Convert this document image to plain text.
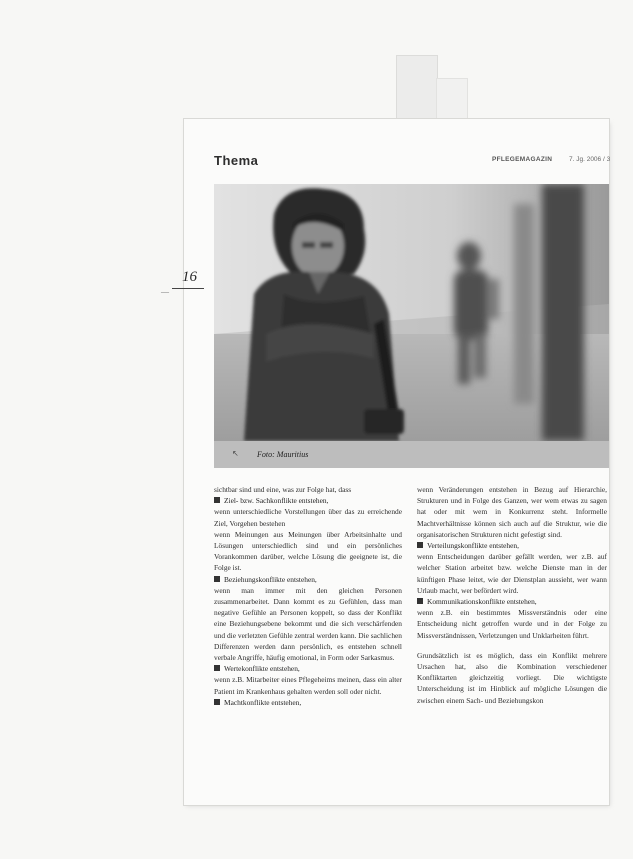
—
16
Thema	PFLEGEMAGAZIN	7. Jg. 2006 / 3
↖ Foto: Mauritius

sichtbar sind und eine, was zur Folge hat, dass

Ziel- bzw. Sachkonflikte entstehen,

wenn unterschiedliche Vorstellungen über das zu erreichende Ziel, Vorgehen bestehen

wenn Meinungen aus Meinungen über Arbeitsinhalte und Lösungen unterschiedlich sind und ein persönliches Vorankommen darüber, welche Lösung die geeignete ist, die Folge ist.

Beziehungskonflikte entstehen,

wenn man immer mit den gleichen Personen zusammenarbeitet. Dann kommt es zu Gefühlen, dass man negative Gefühle an Personen koppelt, so dass der Konflikt eine Beziehungsebene bekommt und die sich verschärfenden und die verletzten Gefühle zentral werden kann. Die sachlichen Differenzen werden dann persönlich, es entstehen schnell verbale Angriffe, häufig emotional, in Form oder Sarkasmus.

Wertekonflikte entstehen,

wenn z.B. Mitarbeiter eines Pflegeheims meinen, dass ein alter Patient im Krankenhaus gehalten werden soll oder nicht.

Machtkonflikte entstehen,

wenn Veränderungen entstehen in Bezug auf Hierarchie, Strukturen und in Folge des Ganzen, wer wem etwas zu sagen hat oder mit wem in Konkurrenz steht. Informelle Machtverhältnisse können sich auch auf die Struktur, wie die organisatorischen Strukturen nicht gefestigt sind.

Verteilungskonflikte entstehen,

wenn Entscheidungen darüber gefällt werden, wer z.B. auf welcher Station arbeitet bzw. welche Dienste man in der künftigen Phase leitet, wie der Dienstplan aussieht, wer wann Urlaub macht, wer befördert wird.

Kommunikationskonflikte entstehen,

wenn z.B. ein bestimmtes Missverständnis oder eine Entscheidung nicht getroffen wurde und in der Folge zu Missverständnissen, Verletzungen und Unklarheiten führt.

Grundsätzlich ist es möglich, dass ein Konflikt mehrere Ursachen hat, also die Kombination verschiedener Konfliktarten gleichzeitig vorliegt. Die wichtigste Unterscheidung ist im Hinblick auf mögliche Lösungen die zwischen einem Sach- und Beziehungskon
